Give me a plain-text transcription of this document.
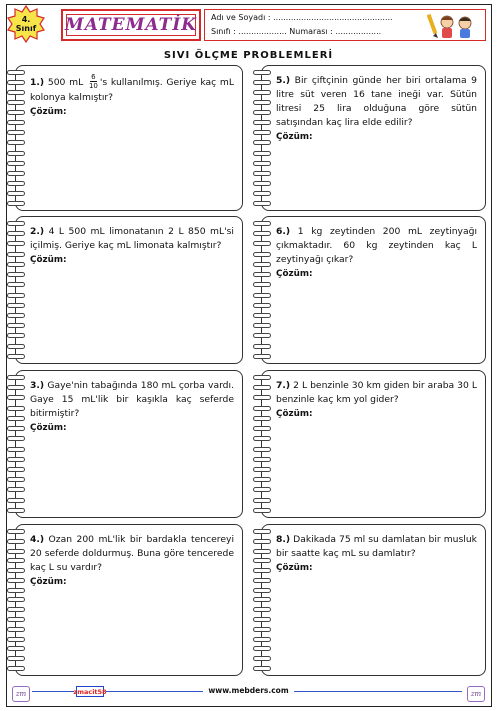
4.
Sınıf	MATEMATİK Adı ve Soyadı : ...............................................
Sınıfı : ................... Numarası : ..................
SIVI ÖLÇME PROBLEMLERİ
1.) 500 mL $\frac{6}{10}$ 's kullanılmış. Geriye kaç mL kolonya kalmıştır?
Çözüm:
2.) 4 L 500 mL limonatanın 2 L 850 mL'si içilmiş. Geriye kaç mL limonata kalmıştır?
Çözüm:
3.) Gaye'nin tabağında 180 mL çorba vardı. Gaye 15 mL'lik bir kaşıkla kaç seferde bitirmiştir?
Çözüm:
4.) Ozan 200 mL'lik bir bardakla tencereyi 20 seferde doldurmuş. Buna göre tencerede kaç L su vardır?
Çözüm:
5.) Bir çiftçinin günde her biri ortalama 9 litre süt veren 16 tane ineği var. Sütün litresi 25 lira olduğuna göre sütün satışından kaç lira elde edilir?
Çözüm:
6.) 1 kg zeytinden 200 mL zeytinyağı çıkmaktadır. 60 kg zeytinden kaç L zeytinyağı çıkar?
Çözüm:
7.) 2 L benzinle 30 km giden bir araba 30 L benzinle kaç km yol gider?
Çözüm:
8.) Dakikada 75 ml su damlatan bir musluk bir saatte kaç mL su damlatır?
Çözüm:
zm	zmacit58	www.mebders.com	zm
